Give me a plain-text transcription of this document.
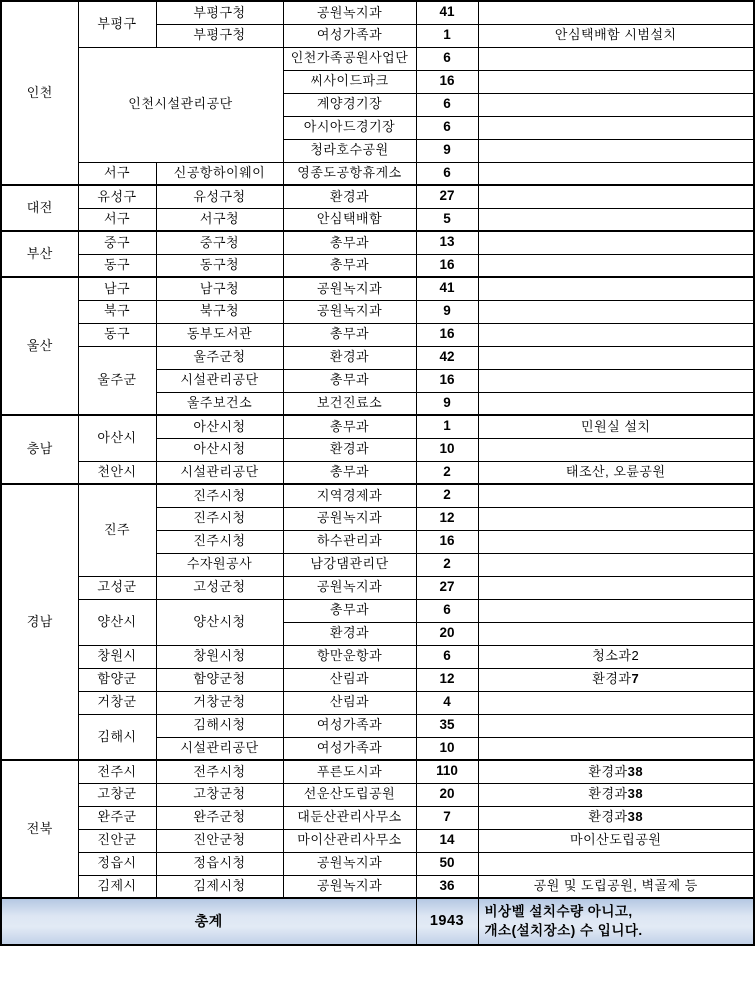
인천	부평구	부평구청	공원녹지과	41	
		부평구청	여성가족과	1	안심택배함 시범설치
	인천시설관리공단		인천가족공원사업단	6	
			씨사이드파크	16	
			계양경기장	6	
			아시아드경기장	6	
			청라호수공원	9	
	서구	신공항하이웨이	영종도공항휴게소	6	
대전	유성구	유성구청	환경과	27	
	서구	서구청	안심택배함	5	
부산	중구	중구청	총무과	13	
	동구	동구청	총무과	16	
울산	남구	남구청	공원녹지과	41	
	북구	북구청	공원녹지과	9	
	동구	동부도서관	총무과	16	
	울주군	울주군청	환경과	42	
		시설관리공단	총무과	16	
		울주보건소	보건진료소	9	
충남	아산시	아산시청	총무과	1	민원실 설치
		아산시청	환경과	10	
	천안시	시설관리공단	총무과	2	태조산, 오륜공원
경남	진주	진주시청	지역경제과	2	
		진주시청	공원녹지과	12	
		진주시청	하수관리과	16	
		수자원공사	남강댐관리단	2	
	고성군	고성군청	공원녹지과	27	
	양산시	양산시청	총무과	6	
			환경과	20	
	창원시	창원시청	항만운항과	6	청소과2
	함양군	함양군청	산림과	12	환경과7
	거창군	거창군청	산림과	4	
	김해시	김해시청	여성가족과	35	
		시설관리공단	여성가족과	10	
전북	전주시	전주시청	푸른도시과	110	환경과38
	고창군	고창군청	선운산도립공원	20	환경과38
	완주군	완주군청	대둔산관리사무소	7	환경과38
	진안군	진안군청	마이산관리사무소	14	마이산도립공원
	정읍시	정읍시청	공원녹지과	50	
	김제시	김제시청	공원녹지과	36	공원 및 도립공원, 벽골제 등
총계				1943	비상벨 설치수량 아니고,
개소(설치장소) 수 입니다.
